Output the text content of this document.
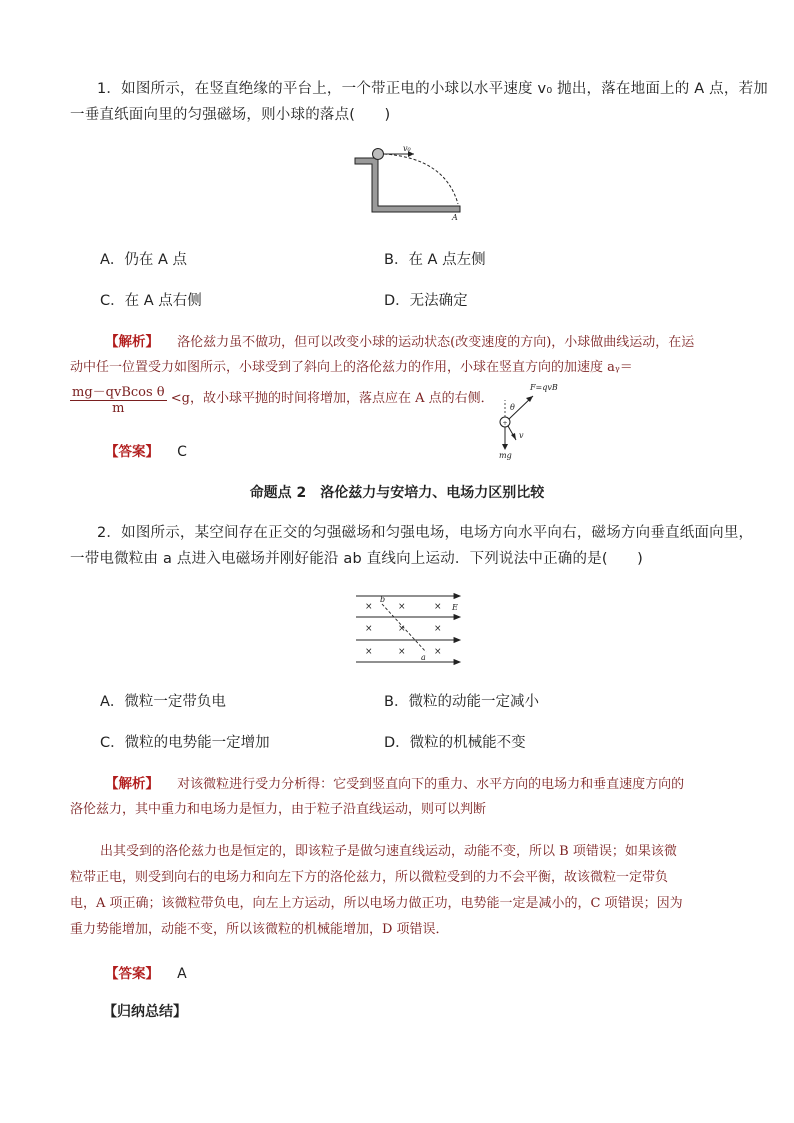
1．如图所示，在竖直绝缘的平台上，一个带正电的小球以水平速度 v₀ 抛出，落在地面上的 A 点，若加
一垂直纸面向里的匀强磁场，则小球的落点(　　)
v₀
A
A．仍在 A 点	B．在 A 点左侧
C．在 A 点右侧	D．无法确定
【解析】 洛伦兹力虽不做功，但可以改变小球的运动状态(改变速度的方向)，小球做曲线运动，在运
动中任一位置受力如图所示，小球受到了斜向上的洛伦兹力的作用，小球在竖直方向的加速度 aᵧ＝
$\frac{\text{mg－qvBcos θ}}{m} <g$，故小球平抛的时间将增加，落点应在 A 点的右侧．
+
F=qvB
θ
v
mg
【答案】 C
命题点 2　洛伦兹力与安培力、电场力区别比较
2．如图所示，某空间存在正交的匀强磁场和匀强电场，电场方向水平向右，磁场方向垂直纸面向里，
一带电微粒由 a 点进入电磁场并刚好能沿 ab 直线向上运动．下列说法中正确的是(　　)
×	×	×
×	×	×
×	×	×
b
a
E
A．微粒一定带负电	B．微粒的动能一定减小
C．微粒的电势能一定增加	D．微粒的机械能不变
【解析】 对该微粒进行受力分析得：它受到竖直向下的重力、水平方向的电场力和垂直速度方向的
洛伦兹力，其中重力和电场力是恒力，由于粒子沿直线运动，则可以判断
出其受到的洛伦兹力也是恒定的，即该粒子是做匀速直线运动，动能不变，所以 B 项错误；如果该微
粒带正电，则受到向右的电场力和向左下方的洛伦兹力，所以微粒受到的力不会平衡，故该微粒一定带负
电，A 项正确；该微粒带负电，向左上方运动，所以电场力做正功，电势能一定是减小的，C 项错误；因为
重力势能增加，动能不变，所以该微粒的机械能增加，D 项错误．
【答案】 A
【归纳总结】
